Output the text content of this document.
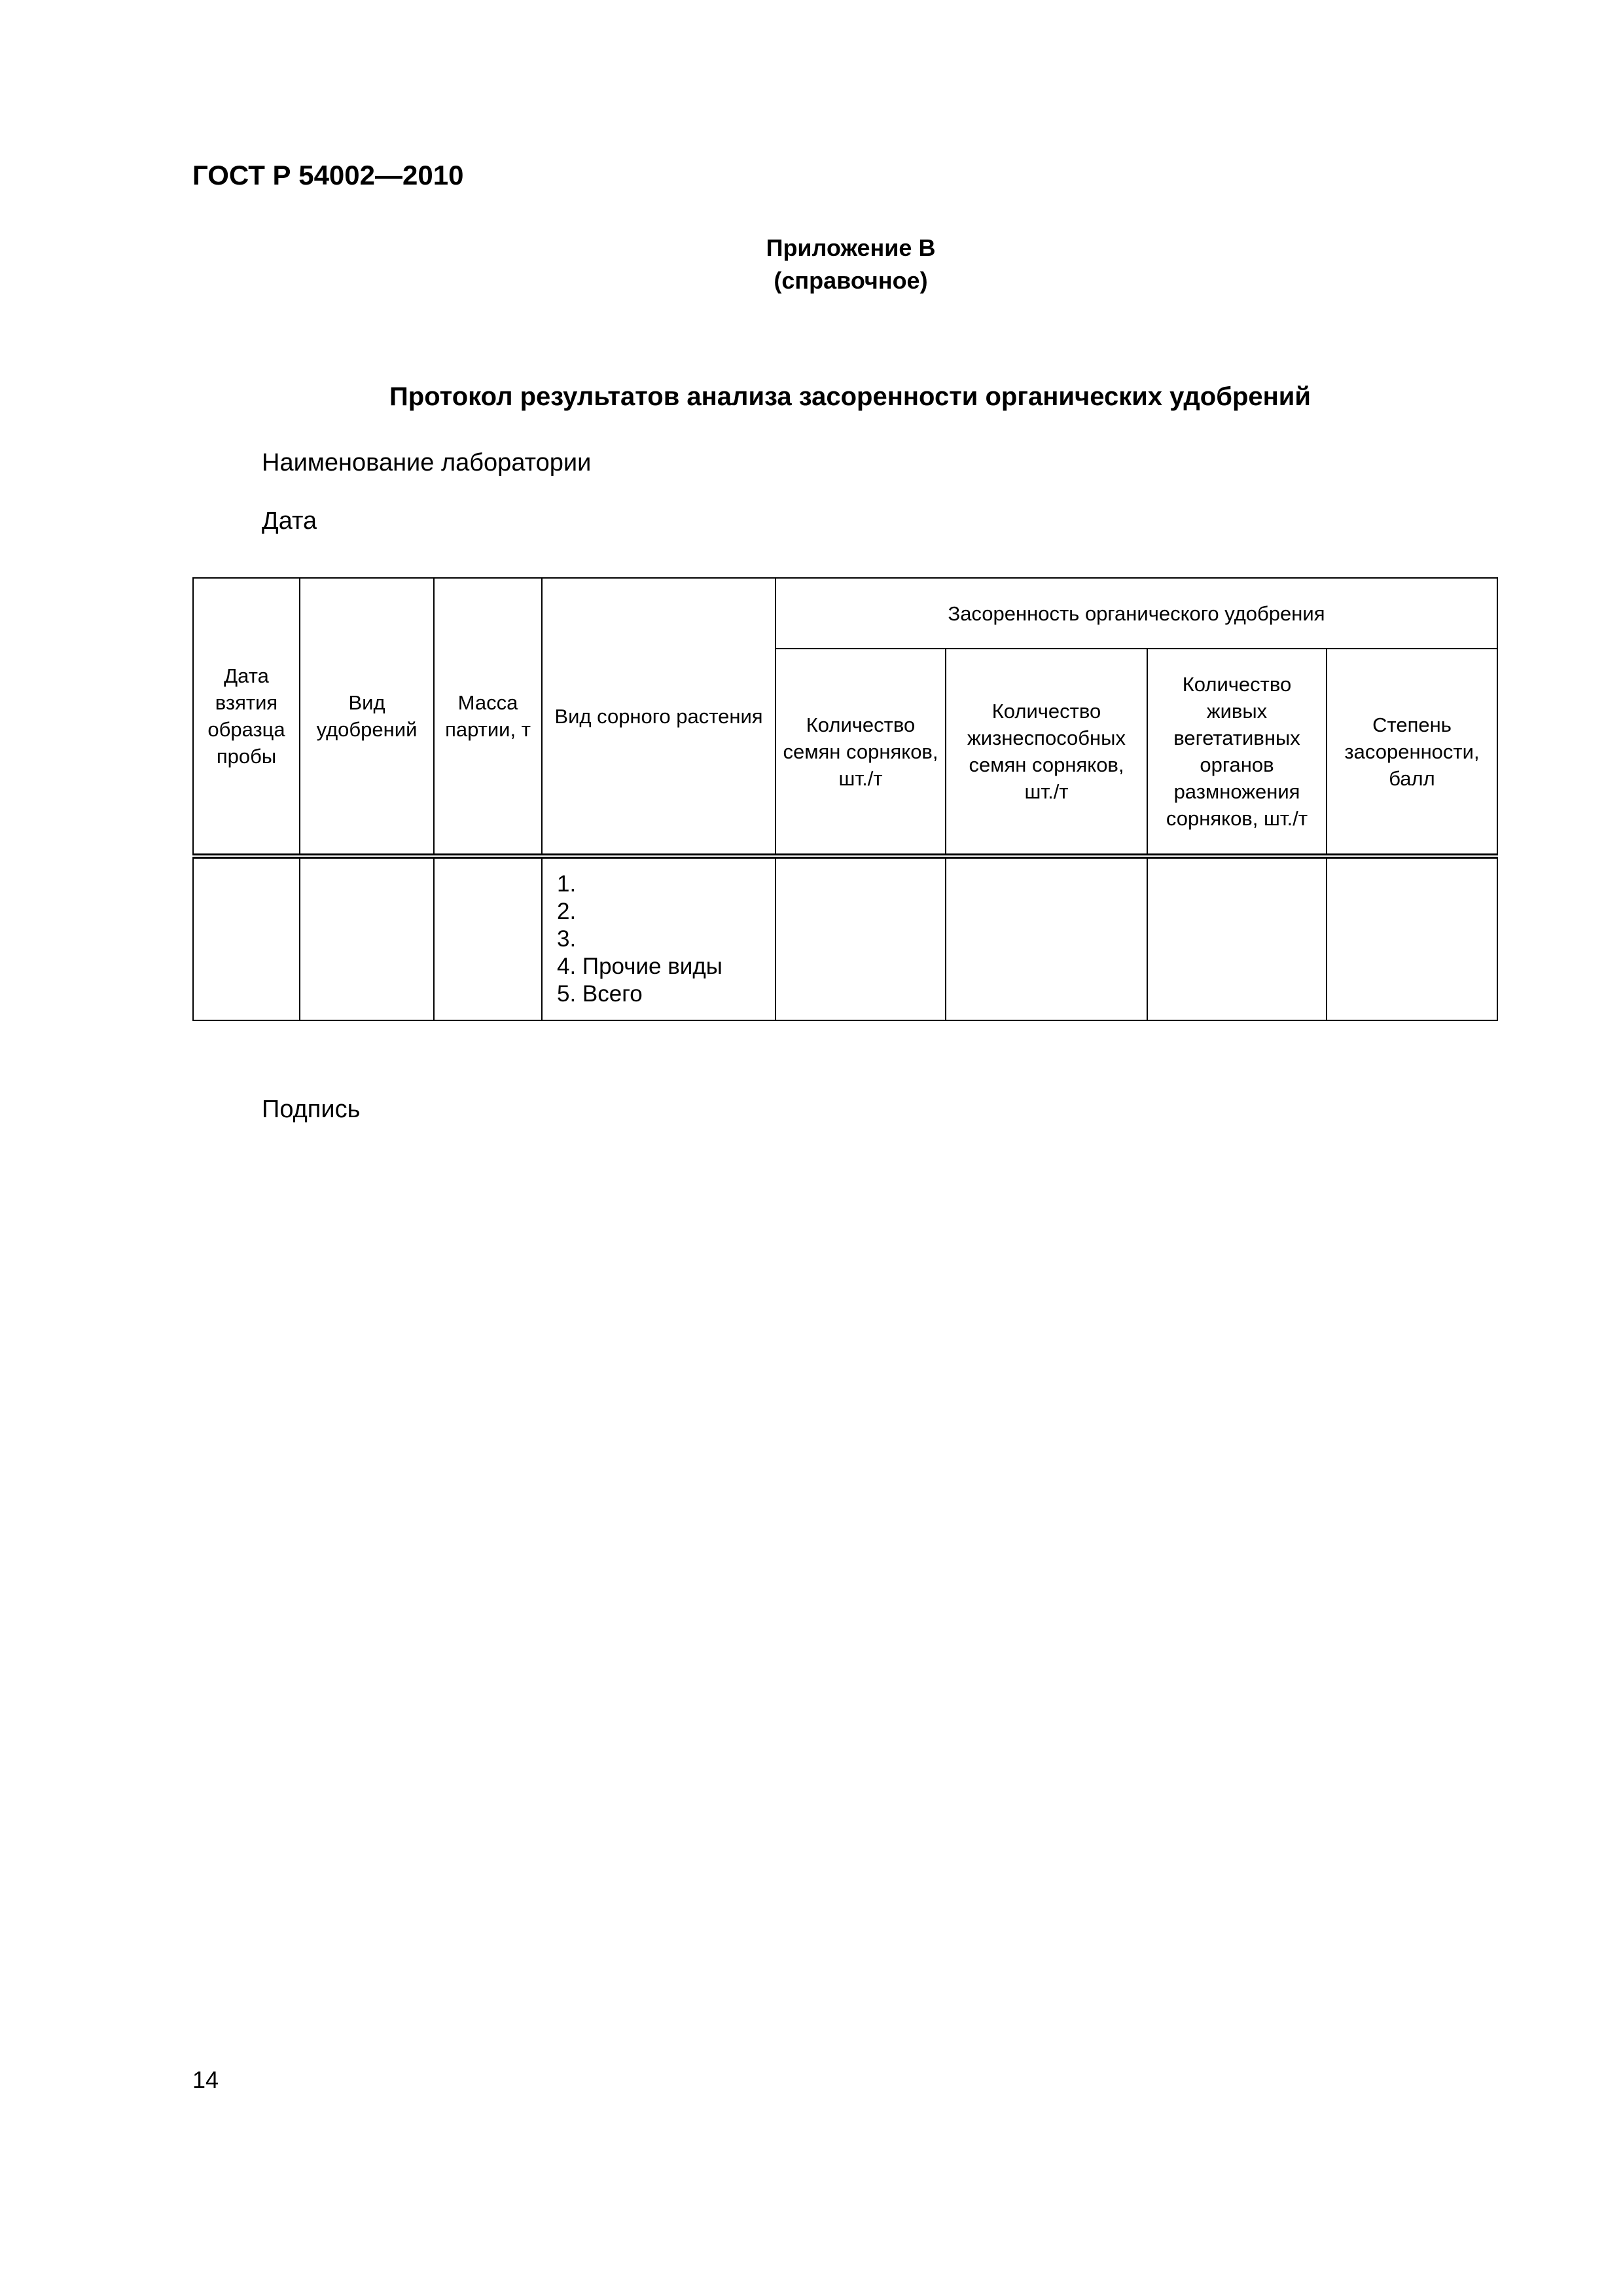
ГОСТ Р 54002—2010
Приложение В
(справочное)
Протокол результатов анализа засоренности органических удобрений
Наименование лаборатории
Дата
Дата взятия образца пробы	Вид удобрений	Масса партии, т	Вид сорного растения	Засоренность органического удобрения			
				Количество семян сорняков, шт./т	Количество жизнеспособных семян сорняков, шт./т	Количество живых вегетативных органов размножения сорняков, шт./т	Степень засоренности, балл

			1.
2.
3.
4. Прочие виды
5. Всего				

Подпись
14
